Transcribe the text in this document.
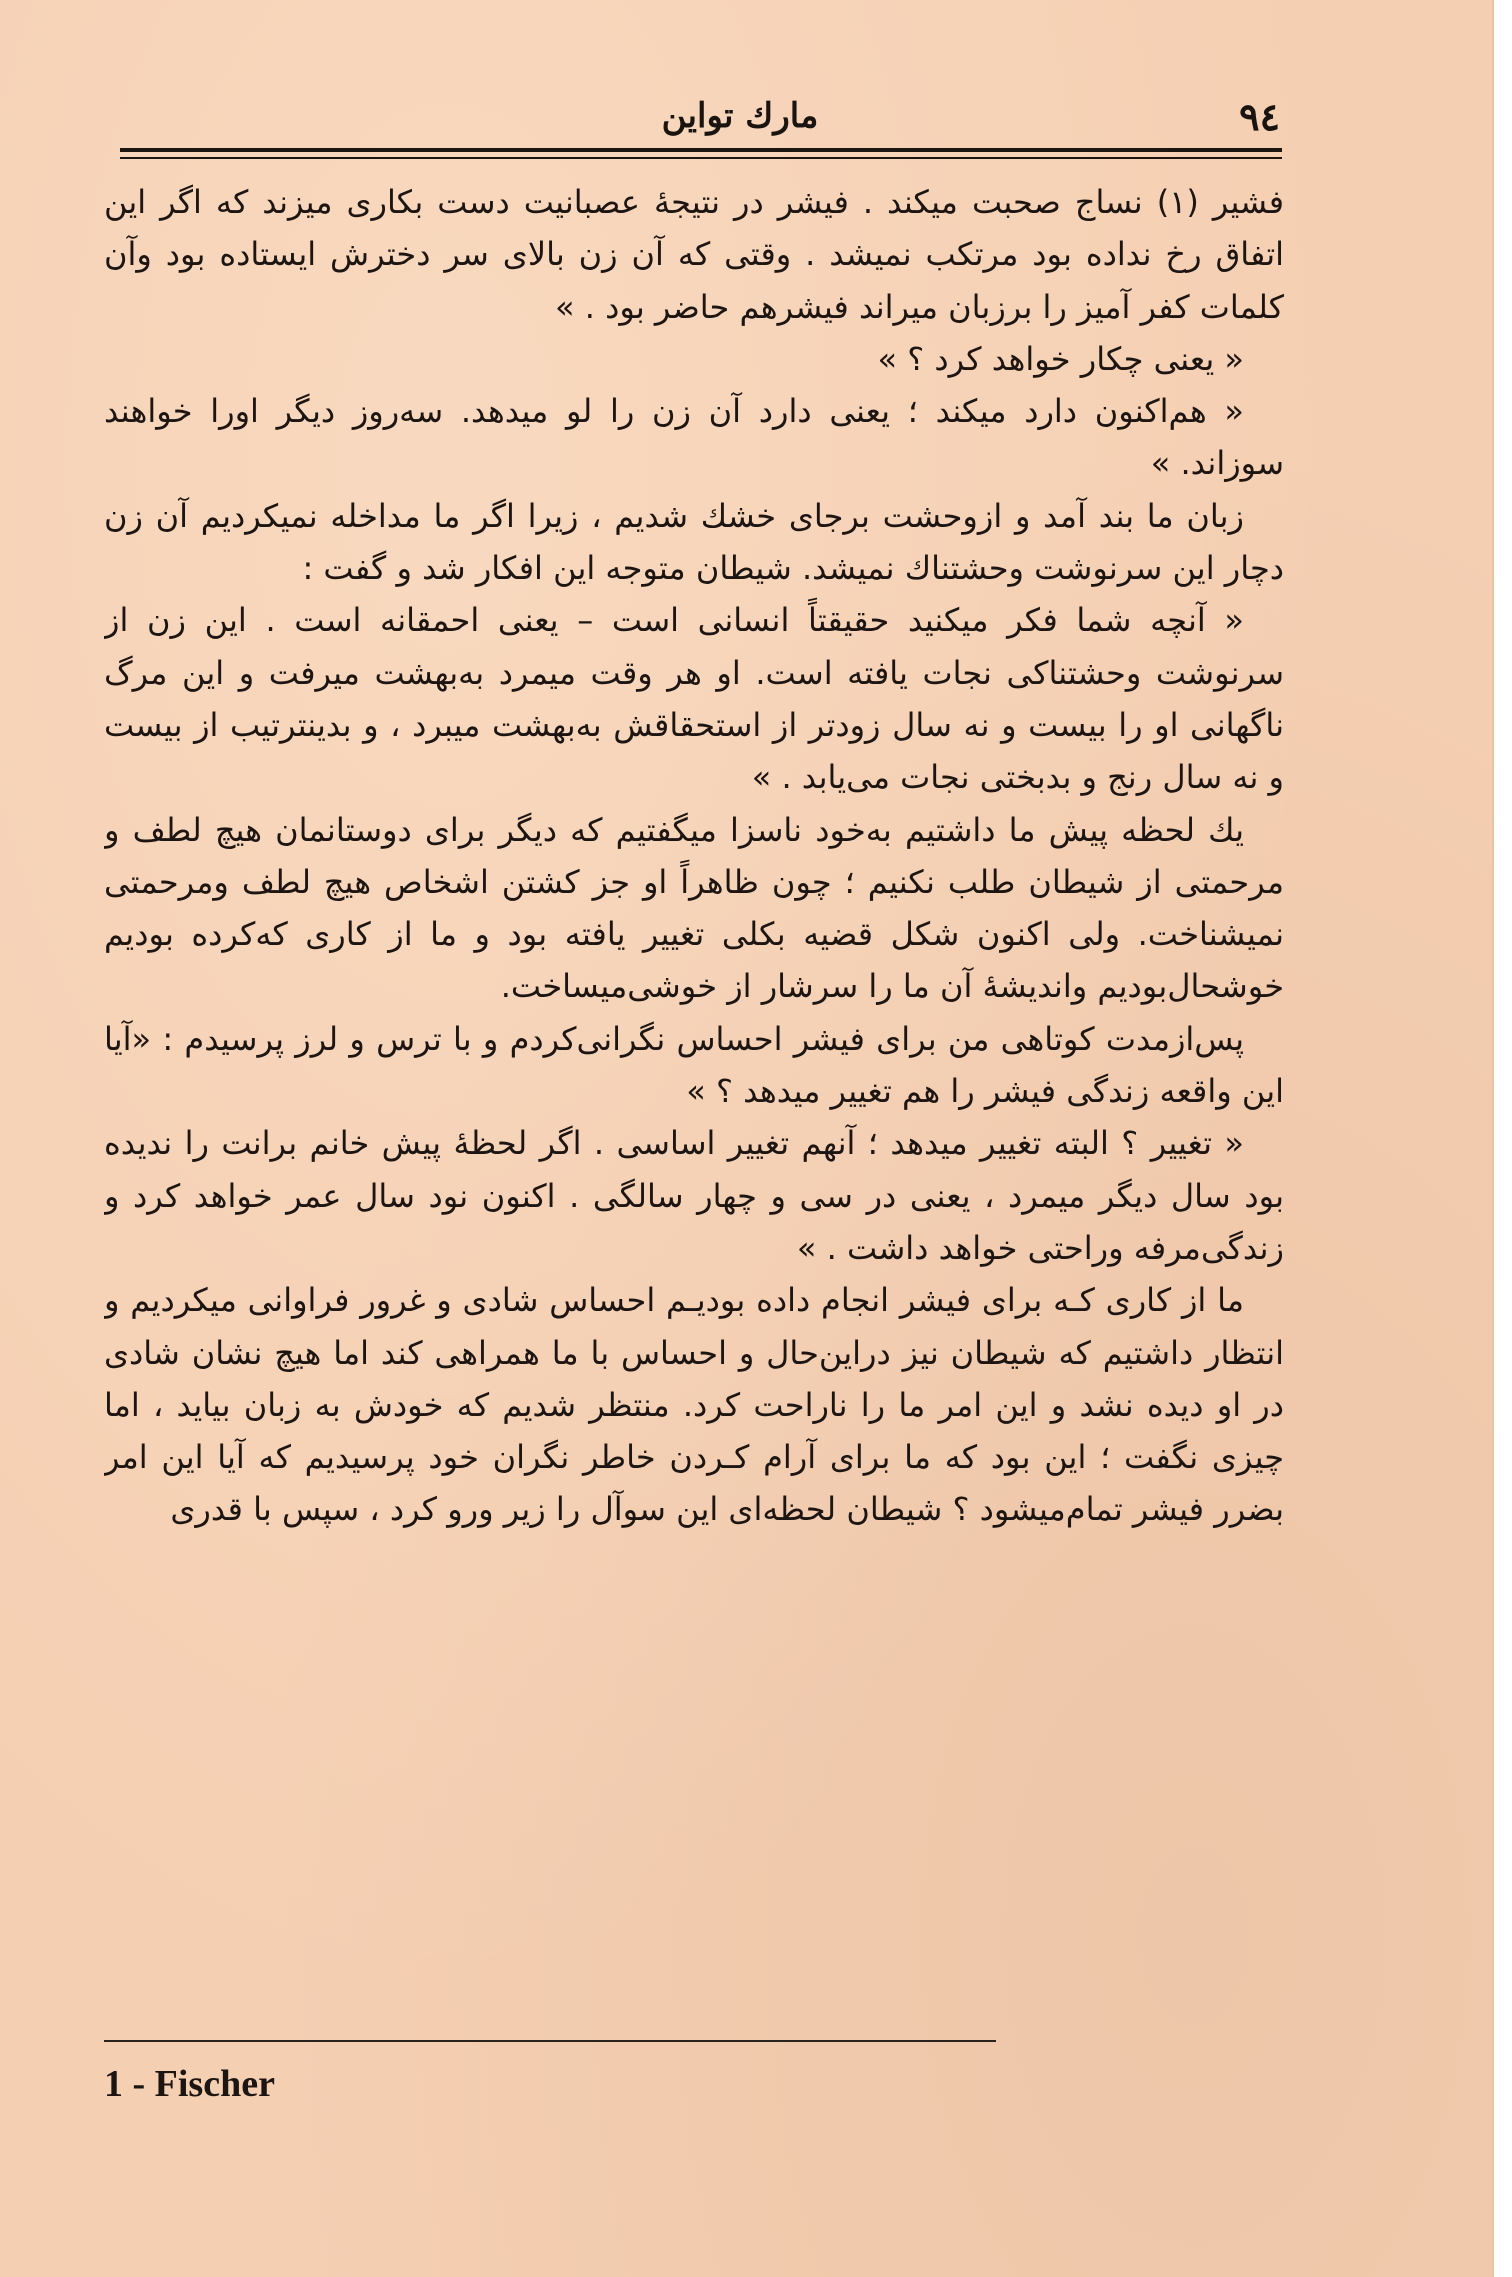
۹٤
مارك تواين

فشير (۱) نساج صحبت میکند . فیشر در نتیجهٔ عصبانیت دست بکاری میزند که اگر این اتفاق رخ نداده بود مرتکب نمیشد . وقتی که آن زن بالای سر دخترش ایستاده بود وآن کلمات کفر آمیز را برزبان میراند فیشرهم حاضر بود . »

« یعنی چکار خواهد کرد ؟ »

« هم‌اکنون دارد میکند ؛ یعنی دارد آن زن را لو میدهد. سه‌روز دیگر اورا خواهند سوزاند. »

زبان ما بند آمد و ازوحشت برجای خشك شدیم ، زیرا اگر ما مداخله نمیکردیم آن زن دچار این سرنوشت وحشتناك نمیشد. شیطان متوجه این افکار شد و گفت :

« آنچه شما فکر میکنید حقیقتاً انسانی است – یعنی احمقانه است . این زن از سرنوشت وحشتناکی نجات یافته است. او هر وقت میمرد به‌بهشت میرفت و این مرگ ناگهانی او را بیست و نه سال زودتر از استحقاقش به‌بهشت میبرد ، و بدینترتیب از بیست و نه سال رنج و بدبختی نجات می‌یابد . »

یك لحظه پیش ما داشتیم به‌خود ناسزا میگفتیم که دیگر برای دوستانمان هیچ لطف و مرحمتی از شیطان طلب نکنیم ؛ چون ظاهراً او جز کشتن اشخاص هیچ لطف ومرحمتی نمیشناخت. ولی اکنون شکل قضیه بکلی تغییر یافته بود و ما از کاری که‌کرده بودیم خوشحال‌بودیم واندیشهٔ آن ما را سرشار از خوشی‌میساخت.

پس‌ازمدت کوتاهی من برای فیشر احساس نگرانی‌کردم و با ترس و لرز پرسیدم : «آیا این واقعه زندگی فیشر را هم تغییر میدهد ؟ »

« تغییر ؟ البته تغییر میدهد ؛ آنهم تغییر اساسی . اگر لحظهٔ پیش خانم برانت را ندیده بود سال دیگر میمرد ، یعنی در سی و چهار سالگی . اکنون نود سال عمر خواهد کرد و زندگی‌مرفه وراحتی خواهد داشت . »

ما از کاری کـه برای فیشر انجام داده بودیـم احساس شادی و غرور فراوانی میکردیم و انتظار داشتیم که شیطان نیز دراین‌حال و احساس با ما همراهی کند اما هیچ نشان شادی در او دیده نشد و این امر ما را ناراحت کرد. منتظر شدیم که خودش به زبان بیاید ، اما چیزی نگفت ؛ این بود که ما برای آرام کـردن خاطر نگران خود پرسیدیم که آیا این امر بضرر فیشر تمام‌میشود ؟ شیطان لحظه‌ای این سوآل را زیر ورو کرد ، سپس با قدری

1 - Fischer
